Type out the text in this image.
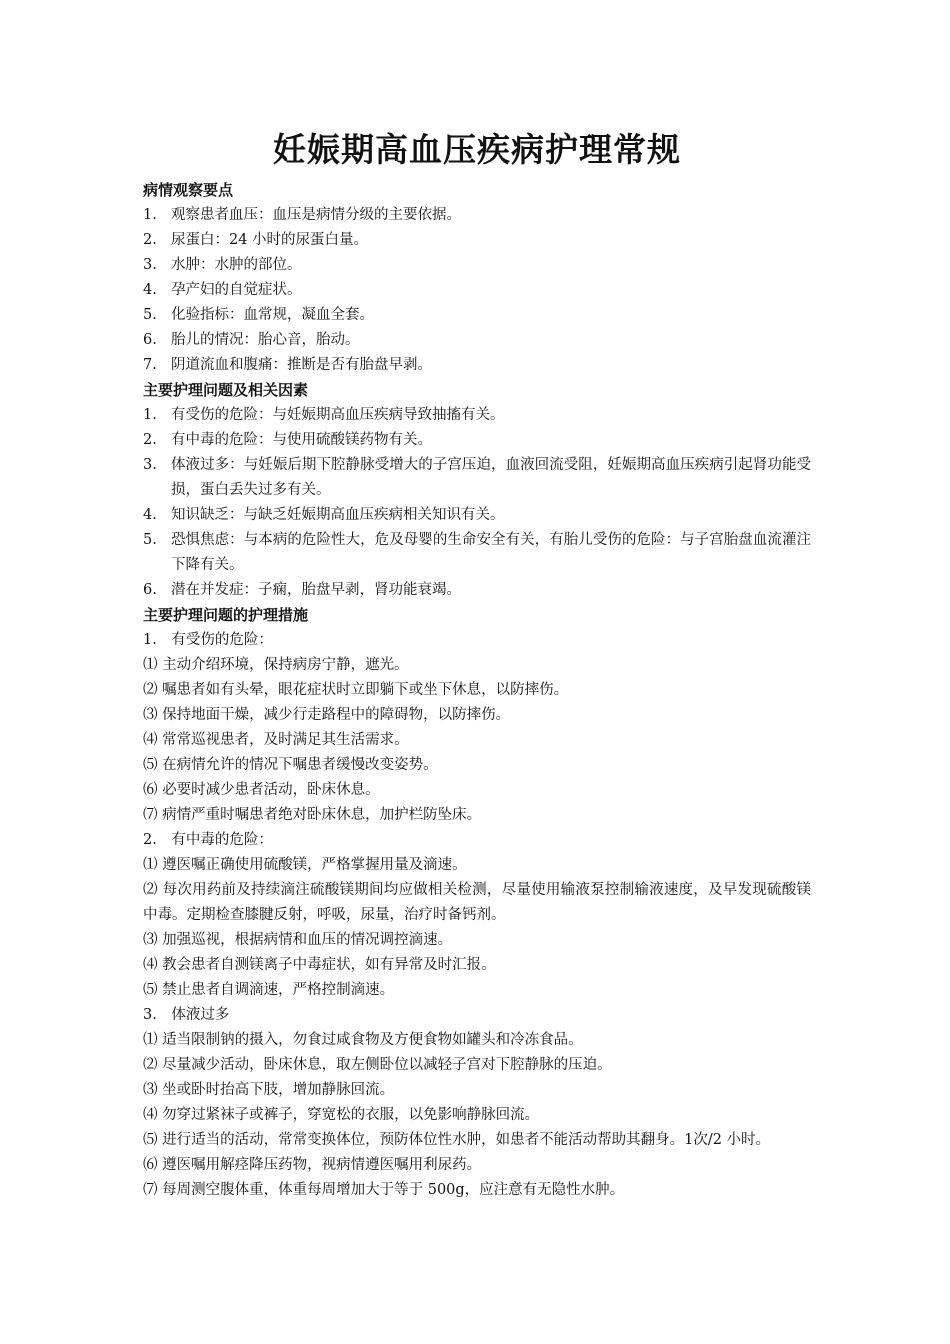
妊娠期高血压疾病护理常规
病情观察要点
1. 观察患者血压：血压是病情分级的主要依据。
2. 尿蛋白：24 小时的尿蛋白量。
3. 水肿：水肿的部位。
4. 孕产妇的自觉症状。
5. 化验指标：血常规，凝血全套。
6. 胎儿的情况：胎心音，胎动。
7. 阴道流血和腹痛：推断是否有胎盘早剥。
主要护理问题及相关因素
1. 有受伤的危险：与妊娠期高血压疾病导致抽搐有关。
2. 有中毒的危险：与使用硫酸镁药物有关。
3. 体液过多：与妊娠后期下腔静脉受增大的子宫压迫，血液回流受阻，妊娠期高血压疾病引起肾功能受损，蛋白丢失过多有关。
4. 知识缺乏：与缺乏妊娠期高血压疾病相关知识有关。
5. 恐惧焦虑：与本病的危险性大，危及母婴的生命安全有关，有胎儿受伤的危险：与子宫胎盘血流灌注下降有关。
6. 潜在并发症：子痫，胎盘早剥，肾功能衰竭。
主要护理问题的护理措施
1.　有受伤的危险：
⑴ 主动介绍环境，保持病房宁静，遮光。
⑵ 嘱患者如有头晕，眼花症状时立即躺下或坐下休息，以防摔伤。
⑶ 保持地面干燥，减少行走路程中的障碍物，以防摔伤。
⑷ 常常巡视患者，及时满足其生活需求。
⑸ 在病情允许的情况下嘱患者缓慢改变姿势。
⑹ 必要时减少患者活动，卧床休息。
⑺ 病情严重时嘱患者绝对卧床休息，加护栏防坠床。
2.　有中毒的危险：
⑴ 遵医嘱正确使用硫酸镁，严格掌握用量及滴速。
⑵ 每次用药前及持续滴注硫酸镁期间均应做相关检测，尽量使用输液泵控制输液速度，及早发现硫酸镁中毒。定期检查膝腱反射，呼吸，尿量，治疗时备钙剂。
⑶ 加强巡视，根据病情和血压的情况调控滴速。
⑷ 教会患者自测镁离子中毒症状，如有异常及时汇报。
⑸ 禁止患者自调滴速，严格控制滴速。
3.　体液过多
⑴ 适当限制钠的摄入，勿食过咸食物及方便食物如罐头和冷冻食品。
⑵ 尽量减少活动，卧床休息，取左侧卧位以减轻子宫对下腔静脉的压迫。
⑶ 坐或卧时抬高下肢，增加静脉回流。
⑷ 勿穿过紧袜子或裤子，穿宽松的衣服，以免影响静脉回流。
⑸ 进行适当的活动，常常变换体位，预防体位性水肿，如患者不能活动帮助其翻身。1次/2 小时。
⑹ 遵医嘱用解痉降压药物，视病情遵医嘱用利尿药。
⑺ 每周测空腹体重，体重每周增加大于等于 500g，应注意有无隐性水肿。
